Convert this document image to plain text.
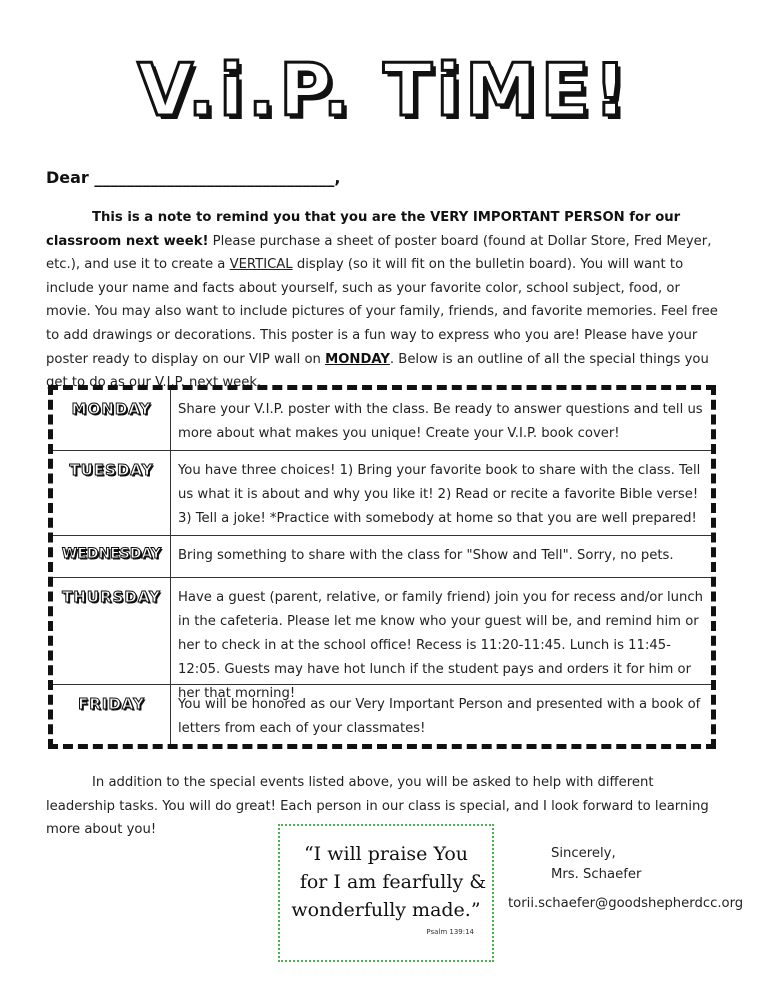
V.i.P. TiME!
Dear ______________________________,
This is a note to remind you that you are the VERY IMPORTANT PERSON for our classroom next week! Please purchase a sheet of poster board (found at Dollar Store, Fred Meyer, etc.), and use it to create a VERTICAL display (so it will fit on the bulletin board). You will want to include your name and facts about yourself, such as your favorite color, school subject, food, or movie. You may also want to include pictures of your family, friends, and favorite memories. Feel free to add drawings or decorations. This poster is a fun way to express who you are! Please have your poster ready to display on our VIP wall on MONDAY. Below is an outline of all the special things you get to do as our V.I.P. next week.
MONDAY	Share your V.I.P. poster with the class. Be ready to answer questions and tell us more about what makes you unique! Create your V.I.P. book cover!
TUESDAY	You have three choices! 1) Bring your favorite book to share with the class. Tell us what it is about and why you like it! 2) Read or recite a favorite Bible verse! 3) Tell a joke! *Practice with somebody at home so that you are well prepared!
WEDNESDAY	Bring something to share with the class for "Show and Tell". Sorry, no pets.
THURSDAY	Have a guest (parent, relative, or family friend) join you for recess and/or lunch in the cafeteria. Please let me know who your guest will be, and remind him or her to check in at the school office! Recess is 11:20-11:45. Lunch is 11:45-12:05. Guests may have hot lunch if the student pays and orders it for him or her that morning!
FRIDAY	You will be honored as our Very Important Person and presented with a book of letters from each of your classmates!
In addition to the special events listed above, you will be asked to help with different leadership tasks. You will do great! Each person in our class is special, and I look forward to learning more about you!
“I will praise You
for I am fearfully &
wonderfully made.”
Psalm 139:14
Sincerely,
Mrs. Schaefer
torii.schaefer@goodshepherdcc.org
